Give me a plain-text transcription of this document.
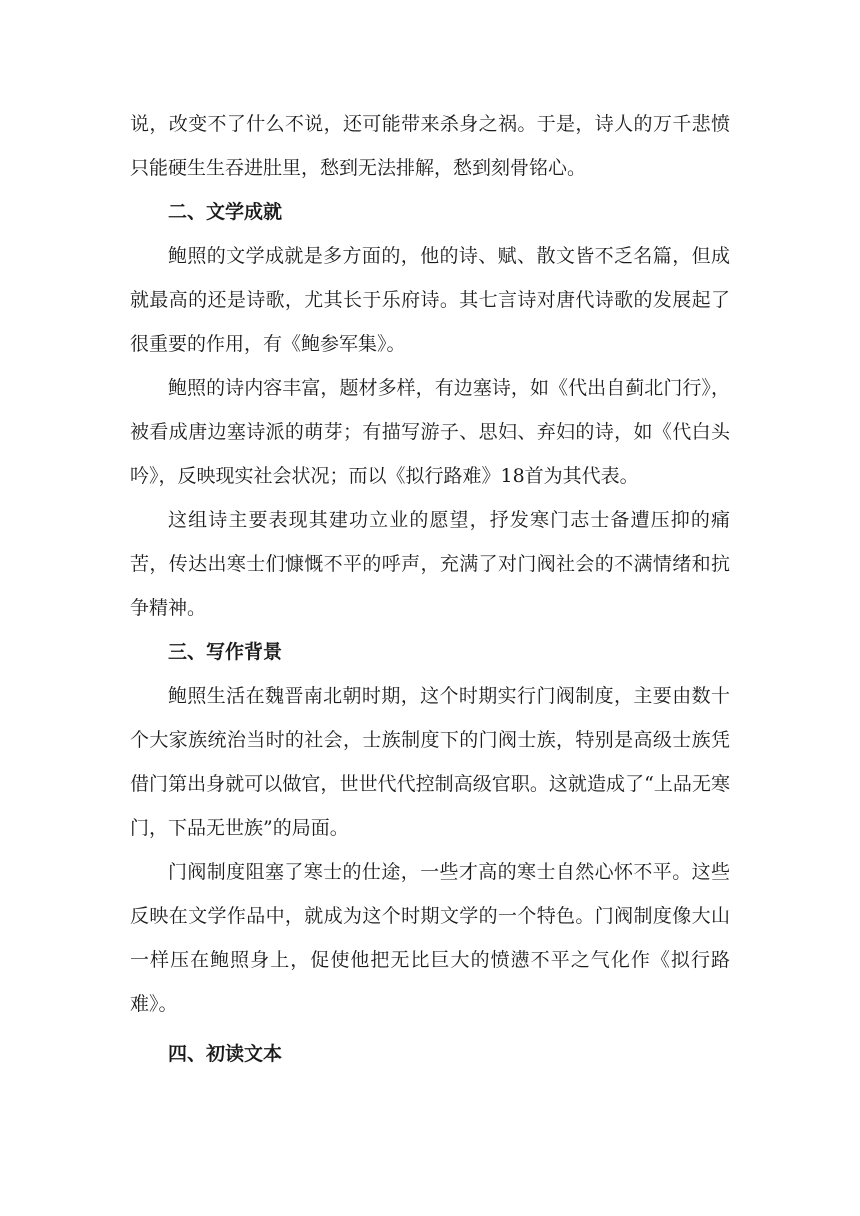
说，改变不了什么不说，还可能带来杀身之祸。于是，诗人的万千悲愤只能硬生生吞进肚里，愁到无法排解，愁到刻骨铭心。

二、文学成就

鲍照的文学成就是多方面的，他的诗、赋、散文皆不乏名篇，但成就最高的还是诗歌，尤其长于乐府诗。其七言诗对唐代诗歌的发展起了很重要的作用，有《鲍参军集》。

鲍照的诗内容丰富，题材多样，有边塞诗，如《代出自蓟北门行》，被看成唐边塞诗派的萌芽；有描写游子、思妇、弃妇的诗，如《代白头吟》，反映现实社会状况；而以《拟行路难》18首为其代表。

这组诗主要表现其建功立业的愿望，抒发寒门志士备遭压抑的痛苦，传达出寒士们慷慨不平的呼声，充满了对门阀社会的不满情绪和抗争精神。

三、写作背景

鲍照生活在魏晋南北朝时期，这个时期实行门阀制度，主要由数十个大家族统治当时的社会，士族制度下的门阀士族，特别是高级士族凭借门第出身就可以做官，世世代代控制高级官职。这就造成了“上品无寒门，下品无世族”的局面。

门阀制度阻塞了寒士的仕途，一些才高的寒士自然心怀不平。这些反映在文学作品中，就成为这个时期文学的一个特色。门阀制度像大山一样压在鲍照身上，促使他把无比巨大的愤懑不平之气化作《拟行路难》。

四、初读文本
